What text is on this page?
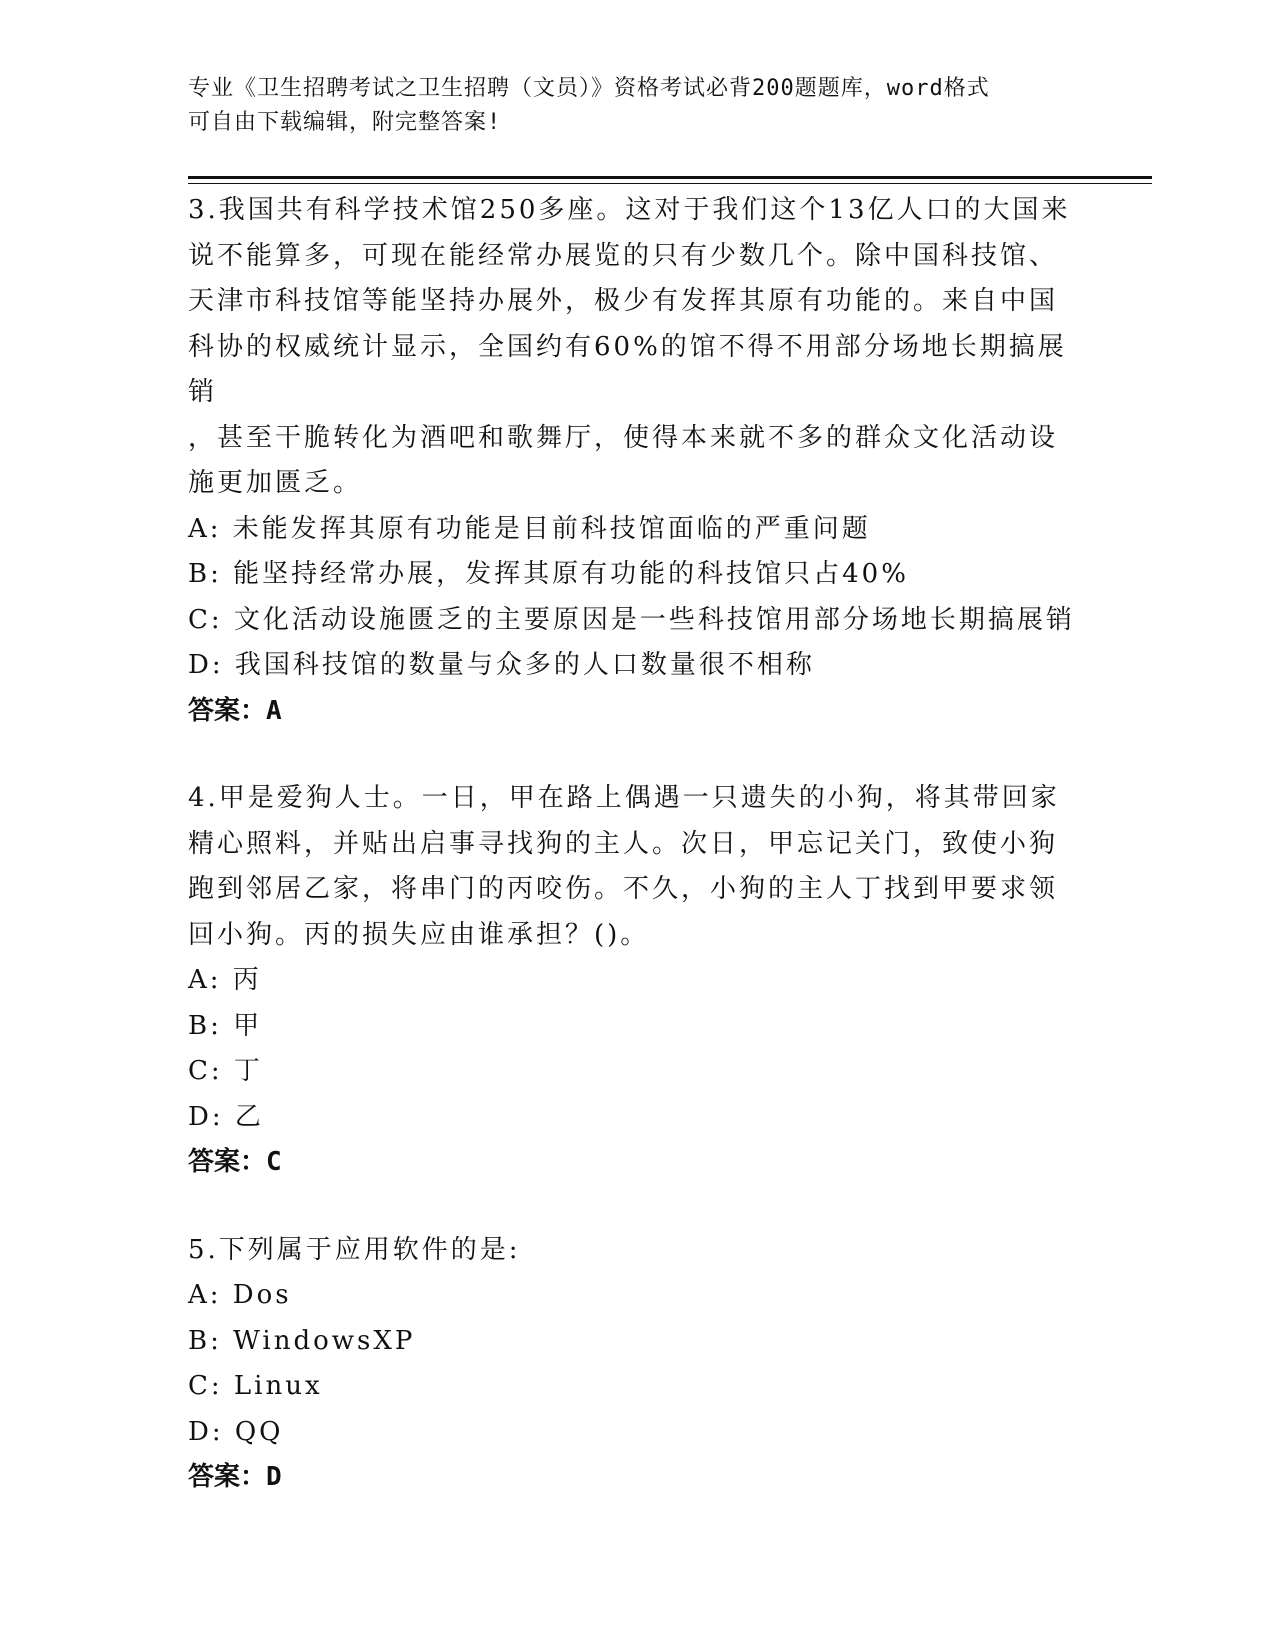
专业《卫生招聘考试之卫生招聘（文员）》资格考试必背200题题库，word格式
可自由下载编辑，附完整答案!

3.我国共有科学技术馆250多座。这对于我们这个13亿人口的大国来

说不能算多，可现在能经常办展览的只有少数几个。除中国科技馆、

天津市科技馆等能坚持办展外，极少有发挥其原有功能的。来自中国

科协的权威统计显示，全国约有60%的馆不得不用部分场地长期搞展销

，甚至干脆转化为酒吧和歌舞厅，使得本来就不多的群众文化活动设

施更加匮乏。

A: 未能发挥其原有功能是目前科技馆面临的严重问题

B: 能坚持经常办展，发挥其原有功能的科技馆只占40%

C: 文化活动设施匮乏的主要原因是一些科技馆用部分场地长期搞展销

D: 我国科技馆的数量与众多的人口数量很不相称

答案：A

4.甲是爱狗人士。一日，甲在路上偶遇一只遗失的小狗，将其带回家

精心照料，并贴出启事寻找狗的主人。次日，甲忘记关门，致使小狗

跑到邻居乙家，将串门的丙咬伤。不久，小狗的主人丁找到甲要求领

回小狗。丙的损失应由谁承担？()。

A: 丙

B: 甲

C: 丁

D: 乙

答案：C

5.下列属于应用软件的是:

A: Dos

B: WindowsXP

C: Linux

D: QQ

答案：D
